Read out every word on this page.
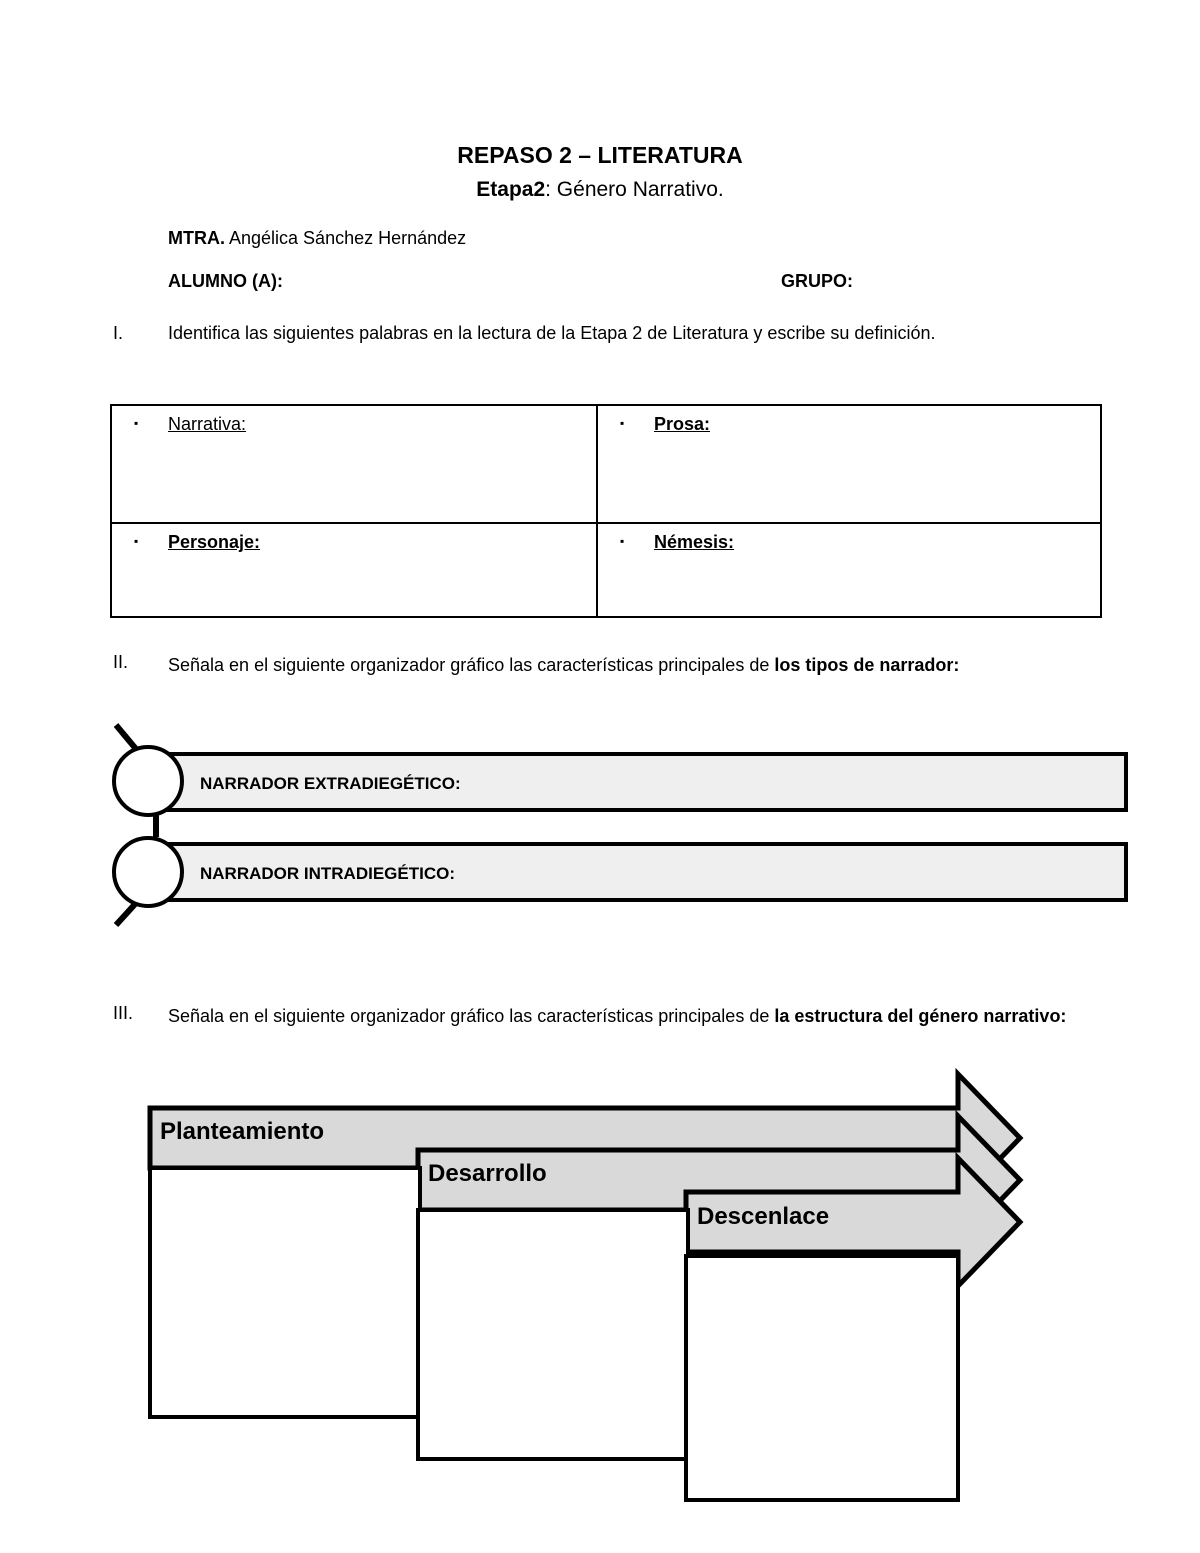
REPASO 2 – LITERATURA
Etapa2: Género Narrativo.
MTRA. Angélica Sánchez Hernández
ALUMNO (A):	GRUPO:
I. Identifica las siguientes palabras en la lectura de la Etapa 2 de Literatura y escribe su definición.
▪ Narrativa:	▪ Prosa:
▪ Personaje:	▪ Némesis:
II. Señala en el siguiente organizador gráfico las características principales de los tipos de narrador:
NARRADOR EXTRADIEGÉTICO:
NARRADOR INTRADIEGÉTICO:
III. Señala en el siguiente organizador gráfico las características principales de la estructura del género narrativo:
Planteamiento
Desarrollo
Descenlace
